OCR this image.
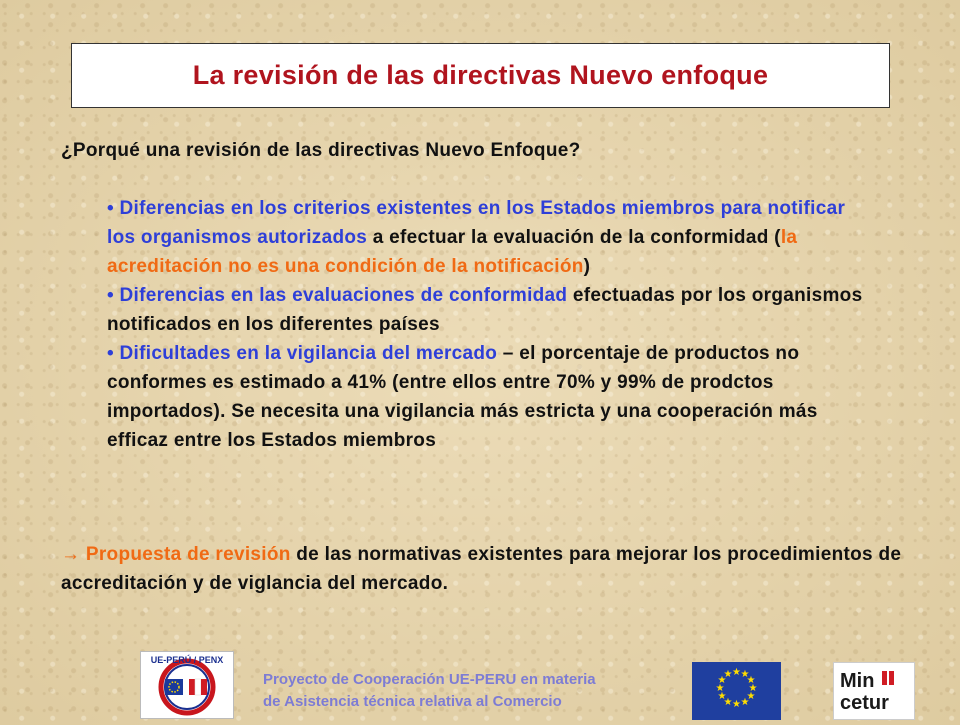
La revisión de las directivas Nuevo enfoque
¿Porqué una revisión de las directivas Nuevo Enfoque?

• Diferencias en los criterios existentes en los Estados miembros para notificar los organismos autorizados a efectuar la evaluación de la conformidad (la acreditación no es una condición de la notificación)

• Diferencias en las evaluaciones de conformidad efectuadas por los organismos notificados en los diferentes países

• Dificultades en la vigilancia del mercado – el porcentaje de productos no conformes es estimado a 41% (entre ellos entre 70% y 99% de prodctos importados). Se necesita una vigilancia más estricta y una cooperación más efficaz entre los Estados miembros

→ Propuesta de revisión de las normativas existentes para mejorar los procedimientos de accreditación y de viglancia del mercado.
UE-PERÚ / PENX
Proyecto de Cooperación UE-PERU en materia
de Asistencia técnica relativa al Comercio
★ ★
★
★
★
★
★
★
★
★
★
★	Min
cetur
